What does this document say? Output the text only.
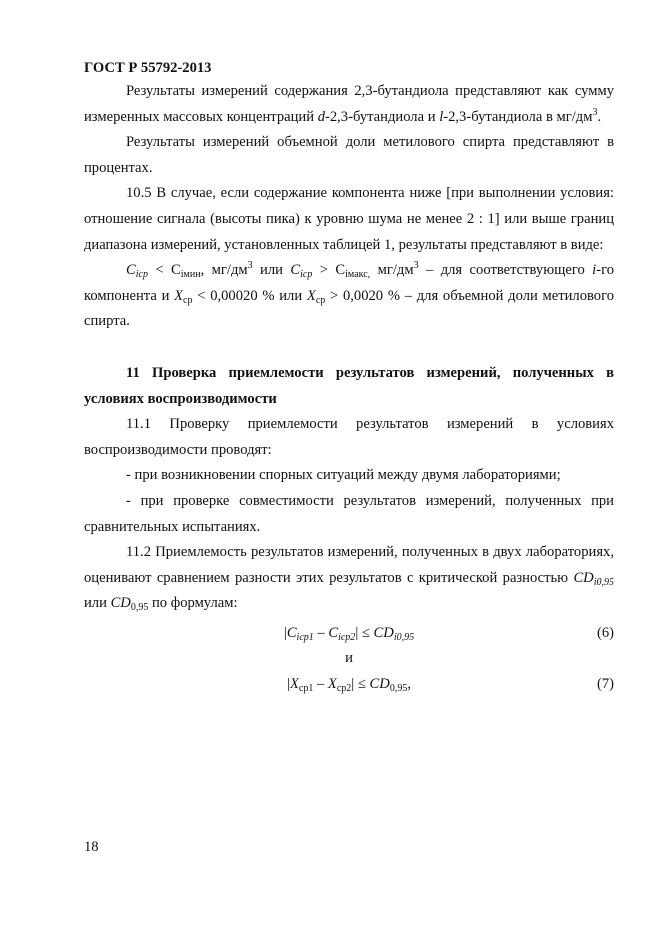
ГОСТ Р 55792-2013

Результаты измерений содержания 2,3-бутандиола представляют как сумму измеренных массовых концентраций d-2,3-бутандиола и l-2,3-бутандиола в $мг/дм^3$.

Результаты измерений объемной доли метилового спирта представляют в процентах.

10.5 В случае, если содержание компонента ниже [при выполнении условия: отношение сигнала (высоты пика) к уровню шума не менее 2 : 1] или выше границ диапазона измерений, установленных таблицей 1, результаты представляют в виде:

$C_{iср} < C_{iмин}$, $мг/дм^3$ или $C_{iср} > C_{iмакс,}$ $мг/дм^3$ – для соответствующего i-го компонента и $X_{ср} < 0,00020$ % или $X_{ср} > 0,0020$ % – для объемной доли метилового спирта.

11 Проверка приемлемости результатов измерений, полученных в условиях воспроизводимости

11.1 Проверку приемлемости результатов измерений в условиях воспроизводимости проводят:

- при возникновении спорных ситуаций между двумя лабораториями;

- при проверке совместимости результатов измерений, полученных при сравнительных испытаниях.

11.2 Приемлемость результатов измерений, полученных в двух лабораториях, оценивают сравнением разности этих результатов с критической разностью $CD_{i0,95}$ или $CD_{0,95}$ по формулам:

$|C_{iср1} - C_{iср2}| \le CD_{i0,95}$	(6)
и
$|X_{ср1} - X_{ср2}| \le CD_{0,95}$,	(7)
18
